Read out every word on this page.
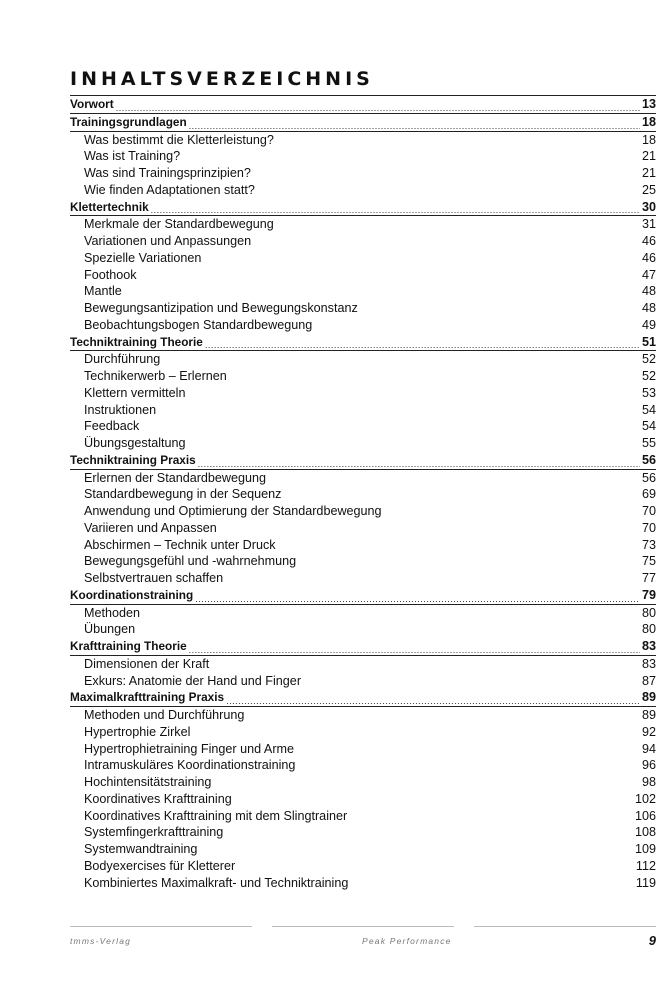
INHALTSVERZEICHNIS
Vorwort .....	13
Trainingsgrundlagen .....	18
Was bestimmt die Kletterleistung?	18
Was ist Training?	21
Was sind Trainingsprinzipien?	21
Wie finden Adaptationen statt?	25
Klettertechnik .....	30
Merkmale der Standardbewegung	31
Variationen und Anpassungen	46
Spezielle Variationen	46
Foothook	47
Mantle	48
Bewegungsantizipation und Bewegungskonstanz	48
Beobachtungsbogen Standardbewegung	49
Techniktraining Theorie .....	51
Durchführung	52
Technikerwerb – Erlernen	52
Klettern vermitteln	53
Instruktionen	54
Feedback	54
Übungsgestaltung	55
Techniktraining Praxis .....	56
Erlernen der Standardbewegung	56
Standardbewegung in der Sequenz	69
Anwendung und Optimierung der Standardbewegung	70
Variieren und Anpassen	70
Abschirmen – Technik unter Druck	73
Bewegungsgefühl und -wahrnehmung	75
Selbstvertrauen schaffen	77
Koordinationstraining .....	79
Methoden	80
Übungen	80
Krafttraining Theorie .....	83
Dimensionen der Kraft	83
Exkurs: Anatomie der Hand und Finger	87
Maximalkrafttraining Praxis .....	89
Methoden und Durchführung	89
Hypertrophie Zirkel	92
Hypertrophietraining Finger und Arme	94
Intramuskuläres Koordinationstraining	96
Hochintensitätstraining	98
Koordinatives Krafttraining	102
Koordinatives Krafttraining mit dem Slingtrainer	106
Systemfingerkrafttraining	108
Systemwandtraining	109
Bodyexercises für Kletterer	112
Kombiniertes Maximalkraft- und Techniktraining	119
tmms-Verlag	Peak Performance	9
